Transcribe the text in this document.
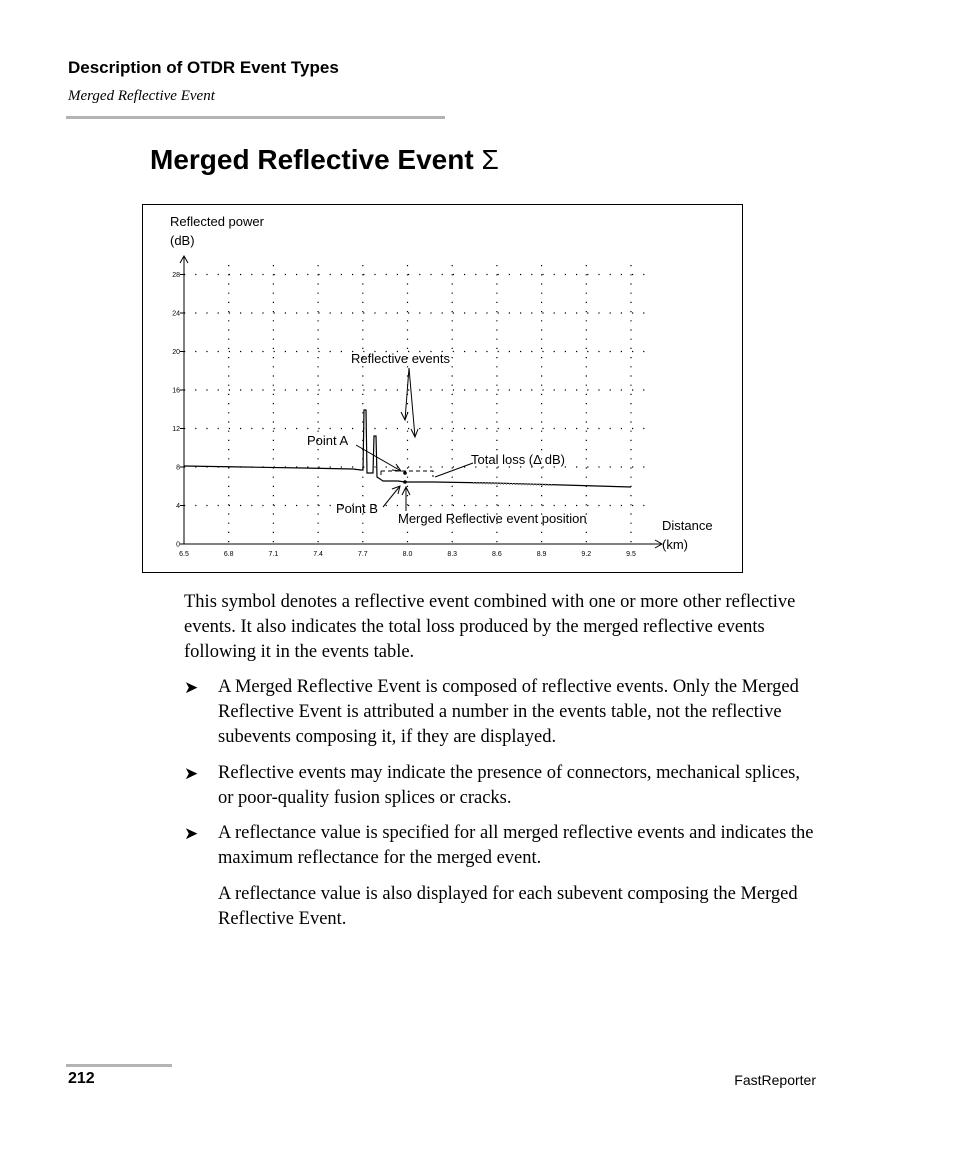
Description of OTDR Event Types
Merged Reflective Event
Merged Reflective Event Σ
0
4
8
12
16
20
24
28
6.5	6.8	7.1	7.4	7.7	8.0	8.3	8.6	8.9	9.2	9.5
Reflected power
(dB)
Distance
(km)
Reflective events
Point A
Point B
Total loss (Δ dB)
Merged Reflective event position

This symbol denotes a reflective event combined with one or more other reflective events. It also indicates the total loss produced by the merged reflective events following it in the events table.

➤ A Merged Reflective Event is composed of reflective events. Only the Merged Reflective Event is attributed a number in the events table, not the reflective subevents composing it, if they are displayed.

➤ Reflective events may indicate the presence of connectors, mechanical splices, or poor-quality fusion splices or cracks.

➤ A reflectance value is specified for all merged reflective events and indicates the maximum reflectance for the merged event.

A reflectance value is also displayed for each subevent composing the Merged Reflective Event.

212	FastReporter
